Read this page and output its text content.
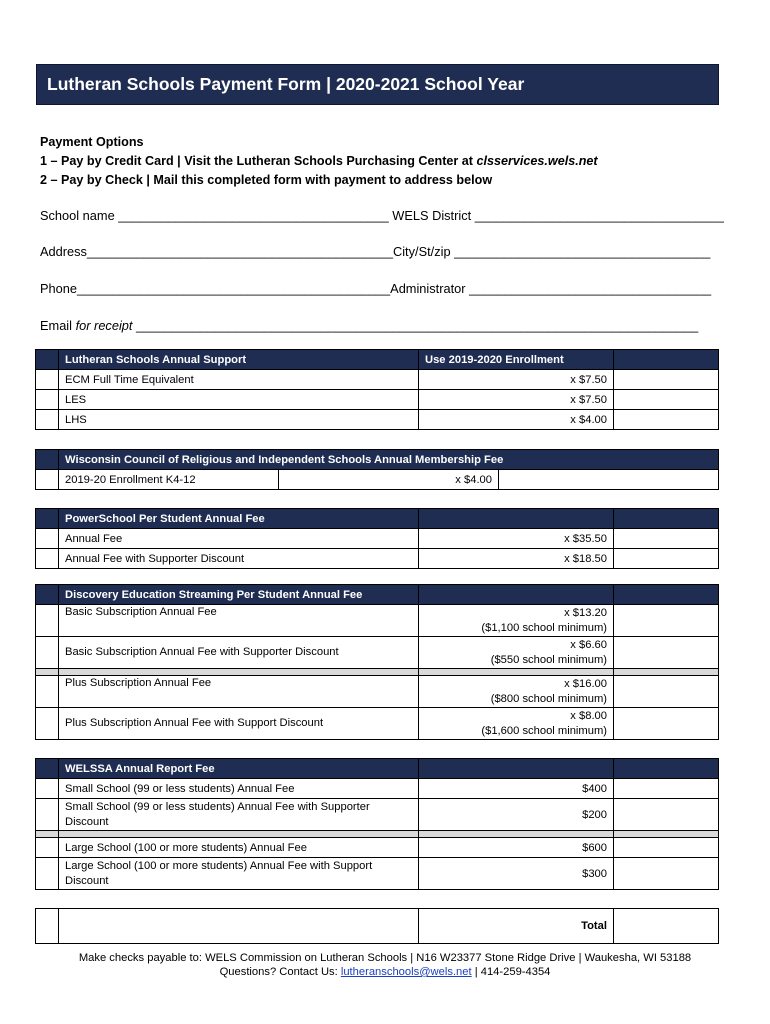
Lutheran Schools Payment Form | 2020-2021 School Year
Payment Options
1 – Pay by Credit Card | Visit the Lutheran Schools Purchasing Center at clsservices.wels.net
2 – Pay by Check | Mail this completed form with payment to address below
School name ______________________________________ WELS District ___________________________________
Address___________________________________________City/St/zip ____________________________________
Phone____________________________________________Administrator __________________________________
Email for receipt _______________________________________________________________________________
	Lutheran Schools Annual Support	Use 2019-2020 Enrollment	
	ECM Full Time Equivalent	x $7.50	
	LES	x $7.50	
	LHS	x $4.00	
	Wisconsin Council of Religious and Independent Schools Annual Membership Fee		
	2019-20 Enrollment K4-12	x $4.00	
	PowerSchool Per Student Annual Fee		
	Annual Fee	x $35.50	
	Annual Fee with Supporter Discount	x $18.50	
	Discovery Education Streaming Per Student Annual Fee		
	Basic Subscription Annual Fee	x $13.20
($1,100 school minimum)	

	Basic Subscription Annual Fee with Supporter Discount	x $6.60
($550 school minimum)	

	Plus Subscription Annual Fee	x $16.00
($800 school minimum)	

	Plus Subscription Annual Fee with Support Discount	x $8.00
($1,600 school minimum)	

	WELSSA Annual Report Fee		
	Small School (99 or less students) Annual Fee	$400	

	Small School (99 or less students) Annual Fee with Supporter
Discount	$200	

	Large School (100 or more students) Annual Fee	$600	

	Large School (100 or more students) Annual Fee with Support
Discount	$300	
		Total	
Make checks payable to: WELS Commission on Lutheran Schools | N16 W23377 Stone Ridge Drive | Waukesha, WI 53188
Questions? Contact Us: lutheranschools@wels.net | 414-259-4354
